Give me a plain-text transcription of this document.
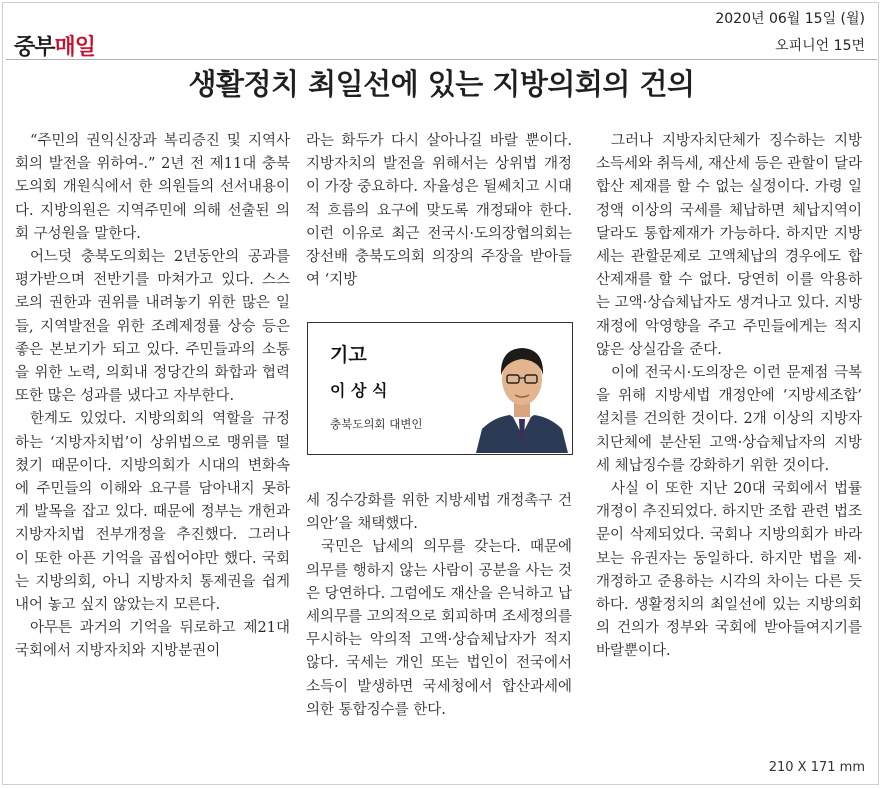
중부매일
2020년 06월 15일 (월)
오피니언 15면
생활정치 최일선에 있는 지방의회의 건의

“주민의 권익신장과 복리증진 및 지역사회의 발전을 위하여-.” 2년 전 제11대 충북도의회 개원식에서 한 의원들의 선서내용이다. 지방의원은 지역주민에 의해 선출된 의회 구성원을 말한다.

어느덧 충북도의회는 2년동안의 공과를 평가받으며 전반기를 마쳐가고 있다. 스스로의 권한과 권위를 내려놓기 위한 많은 일들, 지역발전을 위한 조례제정률 상승 등은 좋은 본보기가 되고 있다. 주민들과의 소통을 위한 노력, 의회내 정당간의 화합과 협력 또한 많은 성과를 냈다고 자부한다.

한계도 있었다. 지방의회의 역할을 규정하는 ‘지방자치법’이 상위법으로 맹위를 떨쳤기 때문이다. 지방의회가 시대의 변화속에 주민들의 이해와 요구를 담아내지 못하게 발목을 잡고 있다. 때문에 정부는 개헌과 지방자치법 전부개정을 추진했다. 그러나 이 또한 아픈 기억을 곱씹어야만 했다. 국회는 지방의회, 아니 지방자치 통제권을 쉽게 내어 놓고 싶지 않았는지 모른다.

아무튼 과거의 기억을 뒤로하고 제21대 국회에서 지방자치와 지방분권이

라는 화두가 다시 살아나길 바랄 뿐이다. 지방자치의 발전을 위해서는 상위법 개정이 가장 중요하다. 자율성은 뒬쎄치고 시대적 흐름의 요구에 맞도록 개정돼야 한다. 이런 이유로 최근 전국시·도의장협의회는 장선배 충북도의회 의장의 주장을 받아들여 ‘지방

기고
이 상 식
충북도의회 대변인

세 징수강화를 위한 지방세법 개정촉구 건의안’을 채택했다.

국민은 납세의 의무를 갖는다. 때문에 의무를 행하지 않는 사람이 공분을 사는 것은 당연하다. 그럼에도 재산을 은닉하고 납세의무를 고의적으로 회피하며 조세정의를 무시하는 악의적 고액·상습체납자가 적지 않다. 국세는 개인 또는 법인이 전국에서 소득이 발생하면 국세청에서 합산과세에 의한 통합징수를 한다.

그러나 지방자치단체가 징수하는 지방소득세와 취득세, 재산세 등은 관할이 달라 합산 제재를 할 수 없는 실정이다. 가령 일정액 이상의 국세를 체납하면 체납지역이 달라도 통합제재가 가능하다. 하지만 지방세는 관할문제로 고액체납의 경우에도 합산제재를 할 수 없다. 당연히 이를 악용하는 고액·상습체납자도 생겨나고 있다. 지방재정에 악영향을 주고 주민들에게는 적지 않은 상실감을 준다.

이에 전국시·도의장은 이런 문제점 극복을 위해 지방세법 개정안에 ‘지방세조합’ 설치를 건의한 것이다. 2개 이상의 지방자치단체에 분산된 고액·상습체납자의 지방세 체납징수를 강화하기 위한 것이다.

사실 이 또한 지난 20대 국회에서 법률개정이 추진되었다. 하지만 조합 관련 법조문이 삭제되었다. 국회나 지방의회가 바라보는 유권자는 동일하다. 하지만 법을 제·개정하고 준용하는 시각의 차이는 다른 듯하다. 생활정치의 최일선에 있는 지방의회의 건의가 정부와 국회에 받아들여지기를 바랄뿐이다.

210 X 171 mm
